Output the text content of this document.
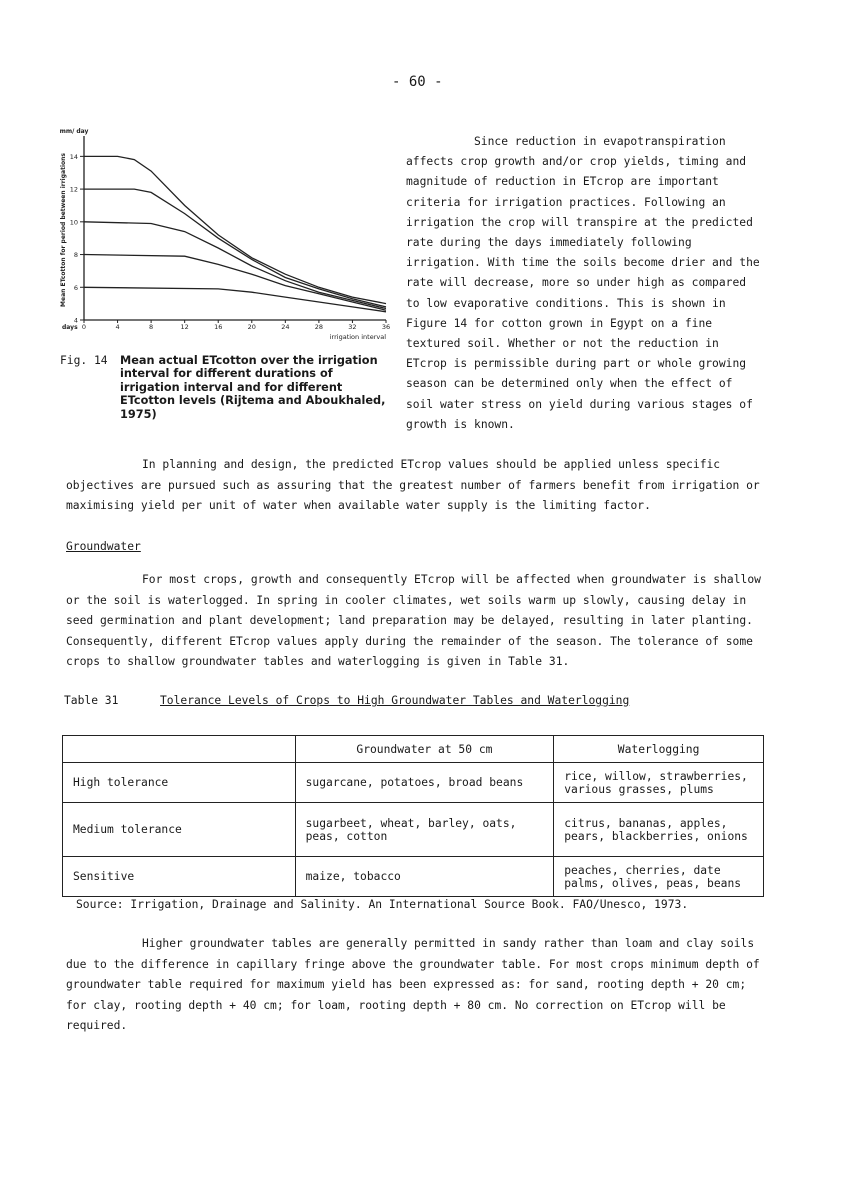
- 60 -
4
6
8
10
12
14
0	4	8	12	16	20	24	28	32	36
days
irrigation interval
mm/ day
Mean ETcotton for period between irrigations
Fig. 14 Mean actual ETcotton over the irrigation interval for different durations of irrigation interval and for different ETcotton levels (Rijtema and Aboukhaled, 1975)

Since reduction in evapotranspiration affects crop growth and/or crop yields, timing and magnitude of reduction in ETcrop are important criteria for irrigation practices. Following an irrigation the crop will transpire at the predicted rate during the days immediately following irrigation. With time the soils become drier and the rate will decrease, more so under high as compared to low evaporative conditions. This is shown in Figure 14 for cotton grown in Egypt on a fine textured soil. Whether or not the reduction in ETcrop is permissible during part or whole growing season can be determined only when the effect of soil water stress on yield during various stages of growth is known.

In planning and design, the predicted ETcrop values should be applied unless specific objectives are pursued such as assuring that the greatest number of farmers benefit from irrigation or maximising yield per unit of water when available water supply is the limiting factor.

Groundwater

For most crops, growth and consequently ETcrop will be affected when groundwater is shallow or the soil is waterlogged. In spring in cooler climates, wet soils warm up slowly, causing delay in seed germination and plant development; land preparation may be delayed, resulting in later planting. Consequently, different ETcrop values apply during the remainder of the season. The tolerance of some crops to shallow groundwater tables and waterlogging is given in Table 31.

Table 31	Tolerance Levels of Crops to High Groundwater Tables and Waterlogging
	Groundwater at 50 cm	Waterlogging
High tolerance	sugarcane, potatoes, broad beans	rice, willow, strawberries, various grasses, plums
Medium tolerance	sugarbeet, wheat, barley, oats, peas, cotton	citrus, bananas, apples, pears, blackberries, onions
Sensitive	maize, tobacco	peaches, cherries, date palms, olives, peas, beans
Source: Irrigation, Drainage and Salinity. An International Source Book. FAO/Unesco, 1973.

Higher groundwater tables are generally permitted in sandy rather than loam and clay soils due to the difference in capillary fringe above the groundwater table. For most crops minimum depth of groundwater table required for maximum yield has been expressed as: for sand, rooting depth + 20 cm; for clay, rooting depth + 40 cm; for loam, rooting depth + 80 cm. No correction on ETcrop will be required.
